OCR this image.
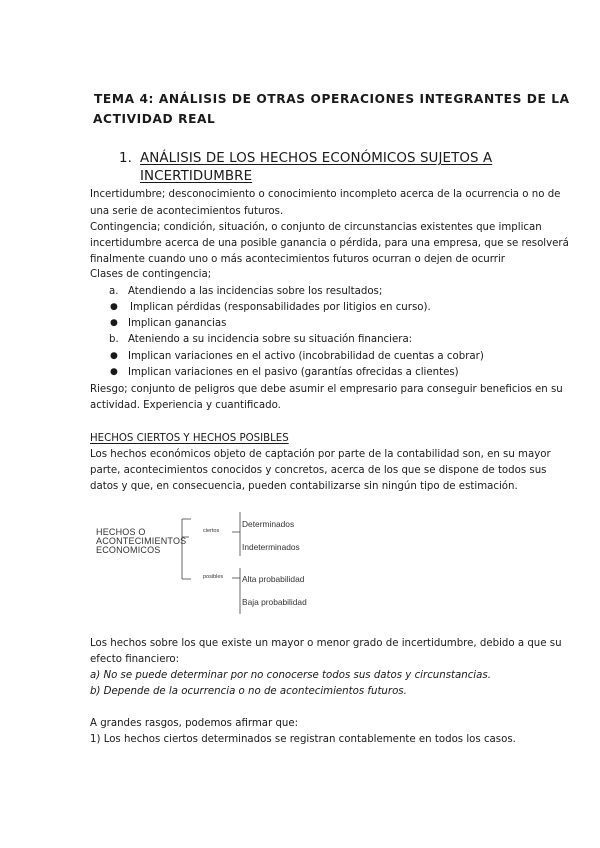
TEMA 4: ANÁLISIS DE OTRAS OPERACIONES INTEGRANTES DE LA
ACTIVIDAD REAL
1. ANÁLISIS DE LOS HECHOS ECONÓMICOS SUJETOS A
INCERTIDUMBRE
Incertidumbre; desconocimiento o conocimiento incompleto acerca de la ocurrencia o no de
una serie de acontecimientos futuros.
Contingencia; condición, situación, o conjunto de circunstancias existentes que implican
incertidumbre acerca de una posible ganancia o pérdida, para una empresa, que se resolverá
finalmente cuando uno o más acontecimientos futuros ocurran o dejen de ocurrir
Clases de contingencia;
a. Atendiendo a las incidencias sobre los resultados;
● Implican pérdidas (responsabilidades por litigios en curso).
● Implican ganancias
b. Ateniendo a su incidencia sobre su situación financiera:
● Implican variaciones en el activo (incobrabilidad de cuentas a cobrar)
● Implican variaciones en el pasivo (garantías ofrecidas a clientes)
Riesgo; conjunto de peligros que debe asumir el empresario para conseguir beneficios en su
actividad. Experiencia y cuantificado.
HECHOS CIERTOS Y HECHOS POSIBLES
Los hechos económicos objeto de captación por parte de la contabilidad son, en su mayor
parte, acontecimientos conocidos y concretos, acerca de los que se dispone de todos sus
datos y que, en consecuencia, pueden contabilizarse sin ningún tipo de estimación.
HECHOS O
ACONTECIMIENTOS
ECONOMICOS
ciertos
posibles
Determinados
Indeterminados
Alta probabilidad
Baja probabilidad
Los hechos sobre los que existe un mayor o menor grado de incertidumbre, debido a que su
efecto financiero:
a) No se puede determinar por no conocerse todos sus datos y circunstancias.
b) Depende de la ocurrencia o no de acontecimientos futuros.
A grandes rasgos, podemos afirmar que:
1) Los hechos ciertos determinados se registran contablemente en todos los casos.
